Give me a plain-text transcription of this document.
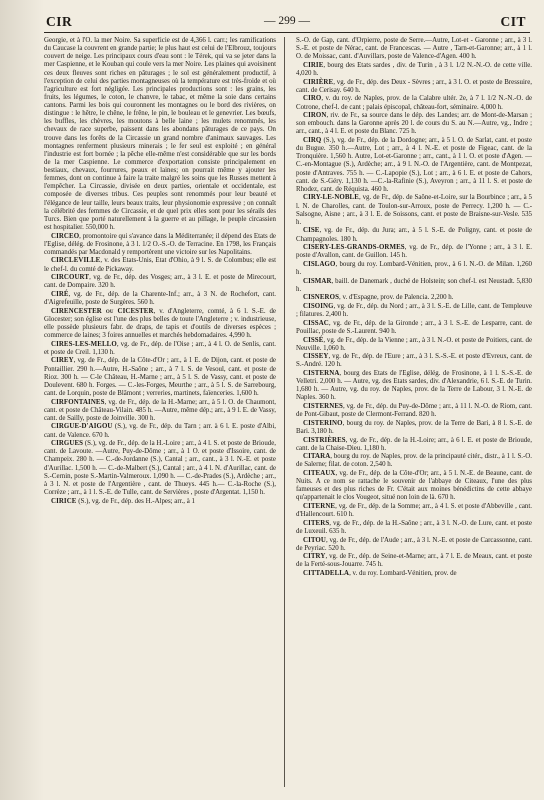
CIR	— 299 —	CIT

Georgie, et à l'O. la mer Noire. Sa superficie est de 4,366 l. carr.; les ramifications du Caucase la couvrent en grande partie; le plus haut est celui de l'Elbrouz, toujours couvert de neige. Les principaux cours d'eau sont : le Térek, qui va se jeter dans la mer Caspienne, et le Kouban qui coule vers la mer Noire. Les plaines qui avoisinent ces deux fleuves sont riches en pâturages ; le sol est généralement productif, à l'exception de celui des parties montagneuses où la température est très-froide et où l'agriculture est fort négligée. Les principales productions sont : les grains, les fruits, les légumes, le coton, le chanvre, le tabac, et même la soie dans certains cantons. Parmi les bois qui couronnent les montagnes ou le bord des rivières, on distingue : le hêtre, le chêne, le frêne, le pin, le bouleau et le genevrier. Les bœufs, les buffles, les chèvres, les moutons à belle laine ; les mulets renommés, les chevaux de race superbe, paissent dans les abondans pâturages de ce pays. On trouve dans les forêts de la Circassie un grand nombre d'animaux sauvages. Les montagnes renferment plusieurs minerais ; le fer seul est exploité ; en général l'industrie est fort bornée ; la pêche elle-même n'est considérable que sur les bords de la mer Caspienne. Le commerce d'exportation consiste principalement en bestiaux, chevaux, fourrures, peaux et laines; on pourrait même y ajouter les femmes, dont on continue à faire la traite malgré les soins que les Russes mettent à l'empêcher. La Circassie, divisée en deux parties, orientale et occidentale, est composée de diverses tribus. Ces peuples sont renommés pour leur beauté et l'élégance de leur taille, leurs beaux traits, leur physionomie expressive ; on connaît la célébrité des femmes de Circassie, et de quel prix elles sont pour les sérails des Turcs. Bien que porté naturellement à la guerre et au pillage, le peuple circassien est hospitalier. 550,000 h.

CIRCEO, promontoire qui s'avance dans la Méditerranée; il dépend des Etats de l'Eglise, délég. de Frosinone, à 3 l. 1/2 O.-S.-O. de Terracine. En 1798, les Français commandés par Macdonald y remportèrent une victoire sur les Napolitains.

CIRCLEVILLE, v. des Etats-Unis, Etat d'Ohio, à 9 l. S. de Colombus; elle est le chef-l. du comté de Pickaway.

CIRCOURT, vg. de Fr., dép. des Vosges; arr., à 3 l. E. et poste de Mirecourt, cant. de Dompaire. 320 h.

CIRÉ, vg. de Fr., dép. de la Charente-Inf.; arr., à 3 N. de Rochefort, cant. d'Aigrefeuille, poste de Surgères. 560 h.

CIRENCESTER ou CICESTER, v. d'Angleterre, comté, à 6 l. S.-E. de Glocester; son église est l'une des plus belles de toute l'Angleterre ; v. industrieuse, elle possède plusieurs fabr. de draps, de tapis et d'outils de diverses espèces ; commerce de laines; 3 foires annuelles et marchés hebdomadaires. 4,990 h.

CIRES-LES-MELLO, vg. de Fr., dép. de l'Oise ; arr., à 4 l. O. de Senlis, cant. et poste de Creil. 1,130 h.

CIREY, vg. de Fr., dép. de la Côte-d'Or ; arr., à 1 E. de Dijon, cant. et poste de Pontaillier. 290 h.—Autre, H.-Saône ; arr., à 7 l. S. de Vesoul, cant. et poste de Rioz. 300 h. — C-le Château, H.-Marne ; arr., à 5 l. S. de Vassy, cant. et poste de Doulevent. 680 h. Forges. — C.-les-Forges, Meurthe ; arr., à 5 l. S. de Sarrebourg, cant. de Lorquin, poste de Blâmont ; verreries, martinets, faïenceries. 1,600 h.

CIRFONTAINES, vg. de Fr., dép. de la H.-Marne; arr., à 5 l. O. de Chaumont, cant. et poste de Château-Vilain. 485 h. —Autre, même dép.; arr., à 9 l. E. de Vassy, cant. de Sailly, poste de Joinville. 300 h.

CIRGUE-D'AIGOU (S.), vg. de Fr., dép. du Tarn ; arr. à 6 l. E. poste d'Albi, cant. de Valence. 670 h.

CIRGUES (S.), vg. de Fr., dép. de la H.-Loire ; arr., à 4 l. S. et poste de Brioude, cant. de Lavoute. —Autre, Puy-de-Dôme ; arr., à 1 O. et poste d'Issoire, cant. de Champeix. 280 h. — C.-de-Jordanne (S.), Cantal ; arr., cant., à 3 l. N.-E. et poste d'Aurillac. 1,500 h. — C.-de-Malbert (S.), Cantal ; arr., à 4 l. N. d'Aurillac, cant. de S.-Cernin, poste S.-Martin-Valmeroux. 1,090 h. — C.-de-Prades (S.), Ardèche ; arr., à 3 l. N. et poste de l'Argentière , cant. de Thueys. 445 h.— C.-la-Roche (S.), Corrèze ; arr., à 1 l. S.-E. de Tulle, cant. de Servières , poste d'Argentat. 1,150 h.

CIRICE (S.), vg. de Fr., dép. des H.-Alpes; arr., à 1

S.-O. de Gap, cant. d'Orpierre, poste de Serre.—Autre, Lot-et - Garonne ; arr., à 3 l. S.-E. et poste de Nérac, cant. de Francescas. — Autre , Tarn-et-Garonne; arr., à 1 l. O. de Moissac, cant. d'Auvillars, poste de Valence-d'Agen. 400 h.

CIRIE, bourg des Etats sardes , div. de Turin , à 3 l. 1/2 N.-N.-O. de cette ville. 4,020 h.

CIRIÈRE, vg. de Fr., dép. des Deux - Sèvres ; arr., à 3 l. O. et poste de Bressuire, cant. de Cerisay. 640 h.

CIRO, v. du roy. de Naples, prov. de la Calabre ultér. 2e, à 7 l. 1/2 N.-N.-O. de Cotrone, chef-l. de cant ; palais épiscopal, château-fort, séminaire. 4,000 h.

CIRON, riv. de Fr., sa source dans le dép. des Landes; arr. de Mont-de-Marsan ; son embouch. dans la Garonne après 20 l. de cours du S. au N.—Autre, vg., Indre ; arr., cant., à 4 l. E. et poste du Blanc. 725 h.

CIRQ (S.), vg. de Fr., dép. de la Dordogne; arr., à 5 l. O. de Sarlat, cant. et poste du Bugue. 350 h.—Autre, Lot ; arr., à 4 l. N.-E. et poste de Figeac, cant. de la Tronquière. 1,560 h. Autre, Lot-et-Garonne ; arr., cant., à 1 l. O. et poste d'Agen. —C.-en-Montague (S.), Ardèche; arr., à 9 l. N.-O. de l'Argentière, cant. de Montpezat, poste d'Antraves. 755 h. — C.-Lapopie (S.), Lot ; arr., à 6 l. E. et poste de Cahors, cant. de S.-Géry. 1,130 h. —C.-la-Rafinie (S.), Aveyron ; arr., à 11 l. S. et poste de Rhodez, cant. de Réquista. 460 h.

CIRY-LE-NOBLE, vg. de Fr., dép. de Saône-et-Loire, sur la Bourbince ; arr., à 5 l. N. de Charolles, cant. de Toulon-sur-Arroux, poste de Perrecy. 1,200 h. — C.-Salsogne, Aisne ; arr., à 3 l. E. de Soissons, cant. et poste de Braisne-sur-Vesle. 535 h.

CISE, vg. de Fr., dép. du Jura; arr., à 5 l. S.-E. de Poligny, cant. et poste de Champagnoles. 180 h.

CISERY-LES-GRANDS-ORMES, vg. de Fr., dép. de l'Yonne ; arr., à 3 l. E. poste d'Avallon, cant. de Guillon. 145 h.

CISLAGO, bourg du roy. Lombard-Vénitien, prov., à 6 l. N.-O. de Milan. 1,260 h.

CISMAR, baill. de Danemark , duché de Holstein; son chef-l. est Neustadt. 5,830 h.

CISNEROS, v. d'Espagne, prov. de Palencia. 2,200 h.

CISOING, vg. de Fr., dép. du Nord ; arr., à 3 l. S.-E. de Lille, cant. de Templeuve ; filatures. 2,400 h.

CISSAC, vg. de Fr., dép. de la Gironde ; arr., à 3 l. S.-E. de Lesparre, cant. de Pouillac, poste de S.-Laurent. 940 h.

CISSÉ, vg. de Fr., dép. de la Vienne ; arr., à 3 l. N.-O. et poste de Poitiers, cant. de Neuville. 1,060 h.

CISSEY, vg. de Fr., dép. de l'Eure ; arr., à 3 l. S.-S.-E. et poste d'Evreux, cant. de S.-André. 120 h.

CISTERNA, bourg des Etats de l'Eglise, délég. de Frosinone, à 1 l. S.-S.-E. de Velletri. 2,000 h. — Autre, vg. des Etats sardes, div. d'Alexandrie, 6 l. S.-E. de Turin. 1,680 h. — Autre, vg. du roy. de Naples, prov. de la Terre de Labour, 3 l. N.-E. de Naples. 360 h.

CISTERNES, vg. de Fr., dép. du Puy-de-Dôme ; arr., à 11 l. N.-O. de Riom, cant. de Pont-Gibaut, poste de Clermont-Ferrand. 820 h.

CISTERINO, bourg du roy. de Naples, prov. de la Terre de Bari, à 8 l. S.-E. de Bari. 3,180 h.

CISTRIÈRES, vg. de Fr., dép. de la H.-Loire; arr., à 6 l. E. et poste de Brioude, cant. de la Chaise-Dieu. 1,180 h.

CITARA, bourg du roy. de Naples, prov. de la principauté citér., distr., à 1 l. S.-O. de Salerne; filat. de coton. 2,540 h.

CITEAUX, vg. de Fr., dép. de la Côte-d'Or; arr., à 5 l. N.-E. de Beaune, cant. de Nuits. A ce nom se rattache le souvenir de l'abbaye de Citeaux, l'une des plus fameuses et des plus riches de Fr. C'était aux moines bénédictins de cette abbaye qu'appartenait le clos Vougeot, situé non loin de là. 670 h.

CITERNE, vg. de Fr., dép. de la Somme; arr., à 4 l. S. et poste d'Abbeville , cant. d'Hallencourt. 610 h.

CITERS, vg. de Fr., dép. de la H.-Saône ; arr., à 3 l. N.-O. de Lure, cant. et poste de Luxeuil. 635 h.

CITOU, vg. de Fr., dép. de l'Aude ; arr., à 3 l. N.-E. et poste de Carcassonne, cant. de Peyriac. 520 h.

CITRY, vg. de Fr., dép. de Seine-et-Marne; arr., à 7 l. E. de Meaux, cant. et poste de la Ferté-sous-Jouarre. 745 h.

CITTADELLA, v. du roy. Lombard-Vénitien, prov. de
